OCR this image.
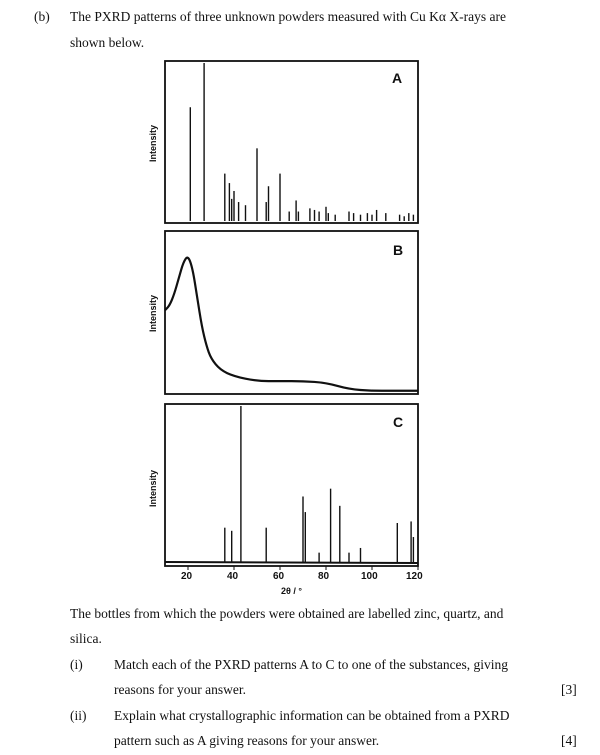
(b) The PXRD patterns of three unknown powders measured with Cu Kα X-rays are
shown below.
A
B
C
Intensity
Intensity
Intensity
20	40	60	80	100	120
2θ / °
The bottles from which the powders were obtained are labelled zinc, quartz, and
silica.
(i) Match each of the PXRD patterns A to C to one of the substances, giving
reasons for your answer.	[3]
(ii) Explain what crystallographic information can be obtained from a PXRD
pattern such as A giving reasons for your answer.	[4]
